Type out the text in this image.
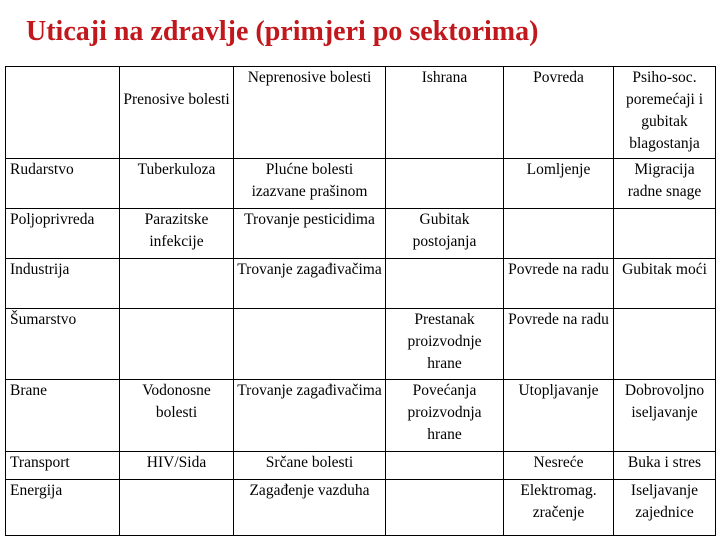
Uticaji na zdravlje (primjeri po sektorima)
	Prenosive bolesti	Neprenosive bolesti	Ishrana	Povreda	Psiho-soc. poremećaji i gubitak blagostanja
Rudarstvo	Tuberkuloza	Plućne bolesti izazvane prašinom		Lomljenje	Migracija radne snage
Poljoprivreda	Parazitske infekcije	Trovanje pesticidima	Gubitak postojanja		
Industrija		Trovanje zagađivačima		Povrede na radu	Gubitak moći
Šumarstvo			Prestanak proizvodnje hrane	Povrede na radu	
Brane	Vodonosne bolesti	Trovanje zagađivačima	Povećanja proizvodnja hrane	Utopljavanje	Dobrovoljno iseljavanje
Transport	HIV/Sida	Srčane bolesti		Nesreće	Buka i stres
Energija		Zagađenje vazduha		Elektromag. zračenje	Iseljavanje zajednice
